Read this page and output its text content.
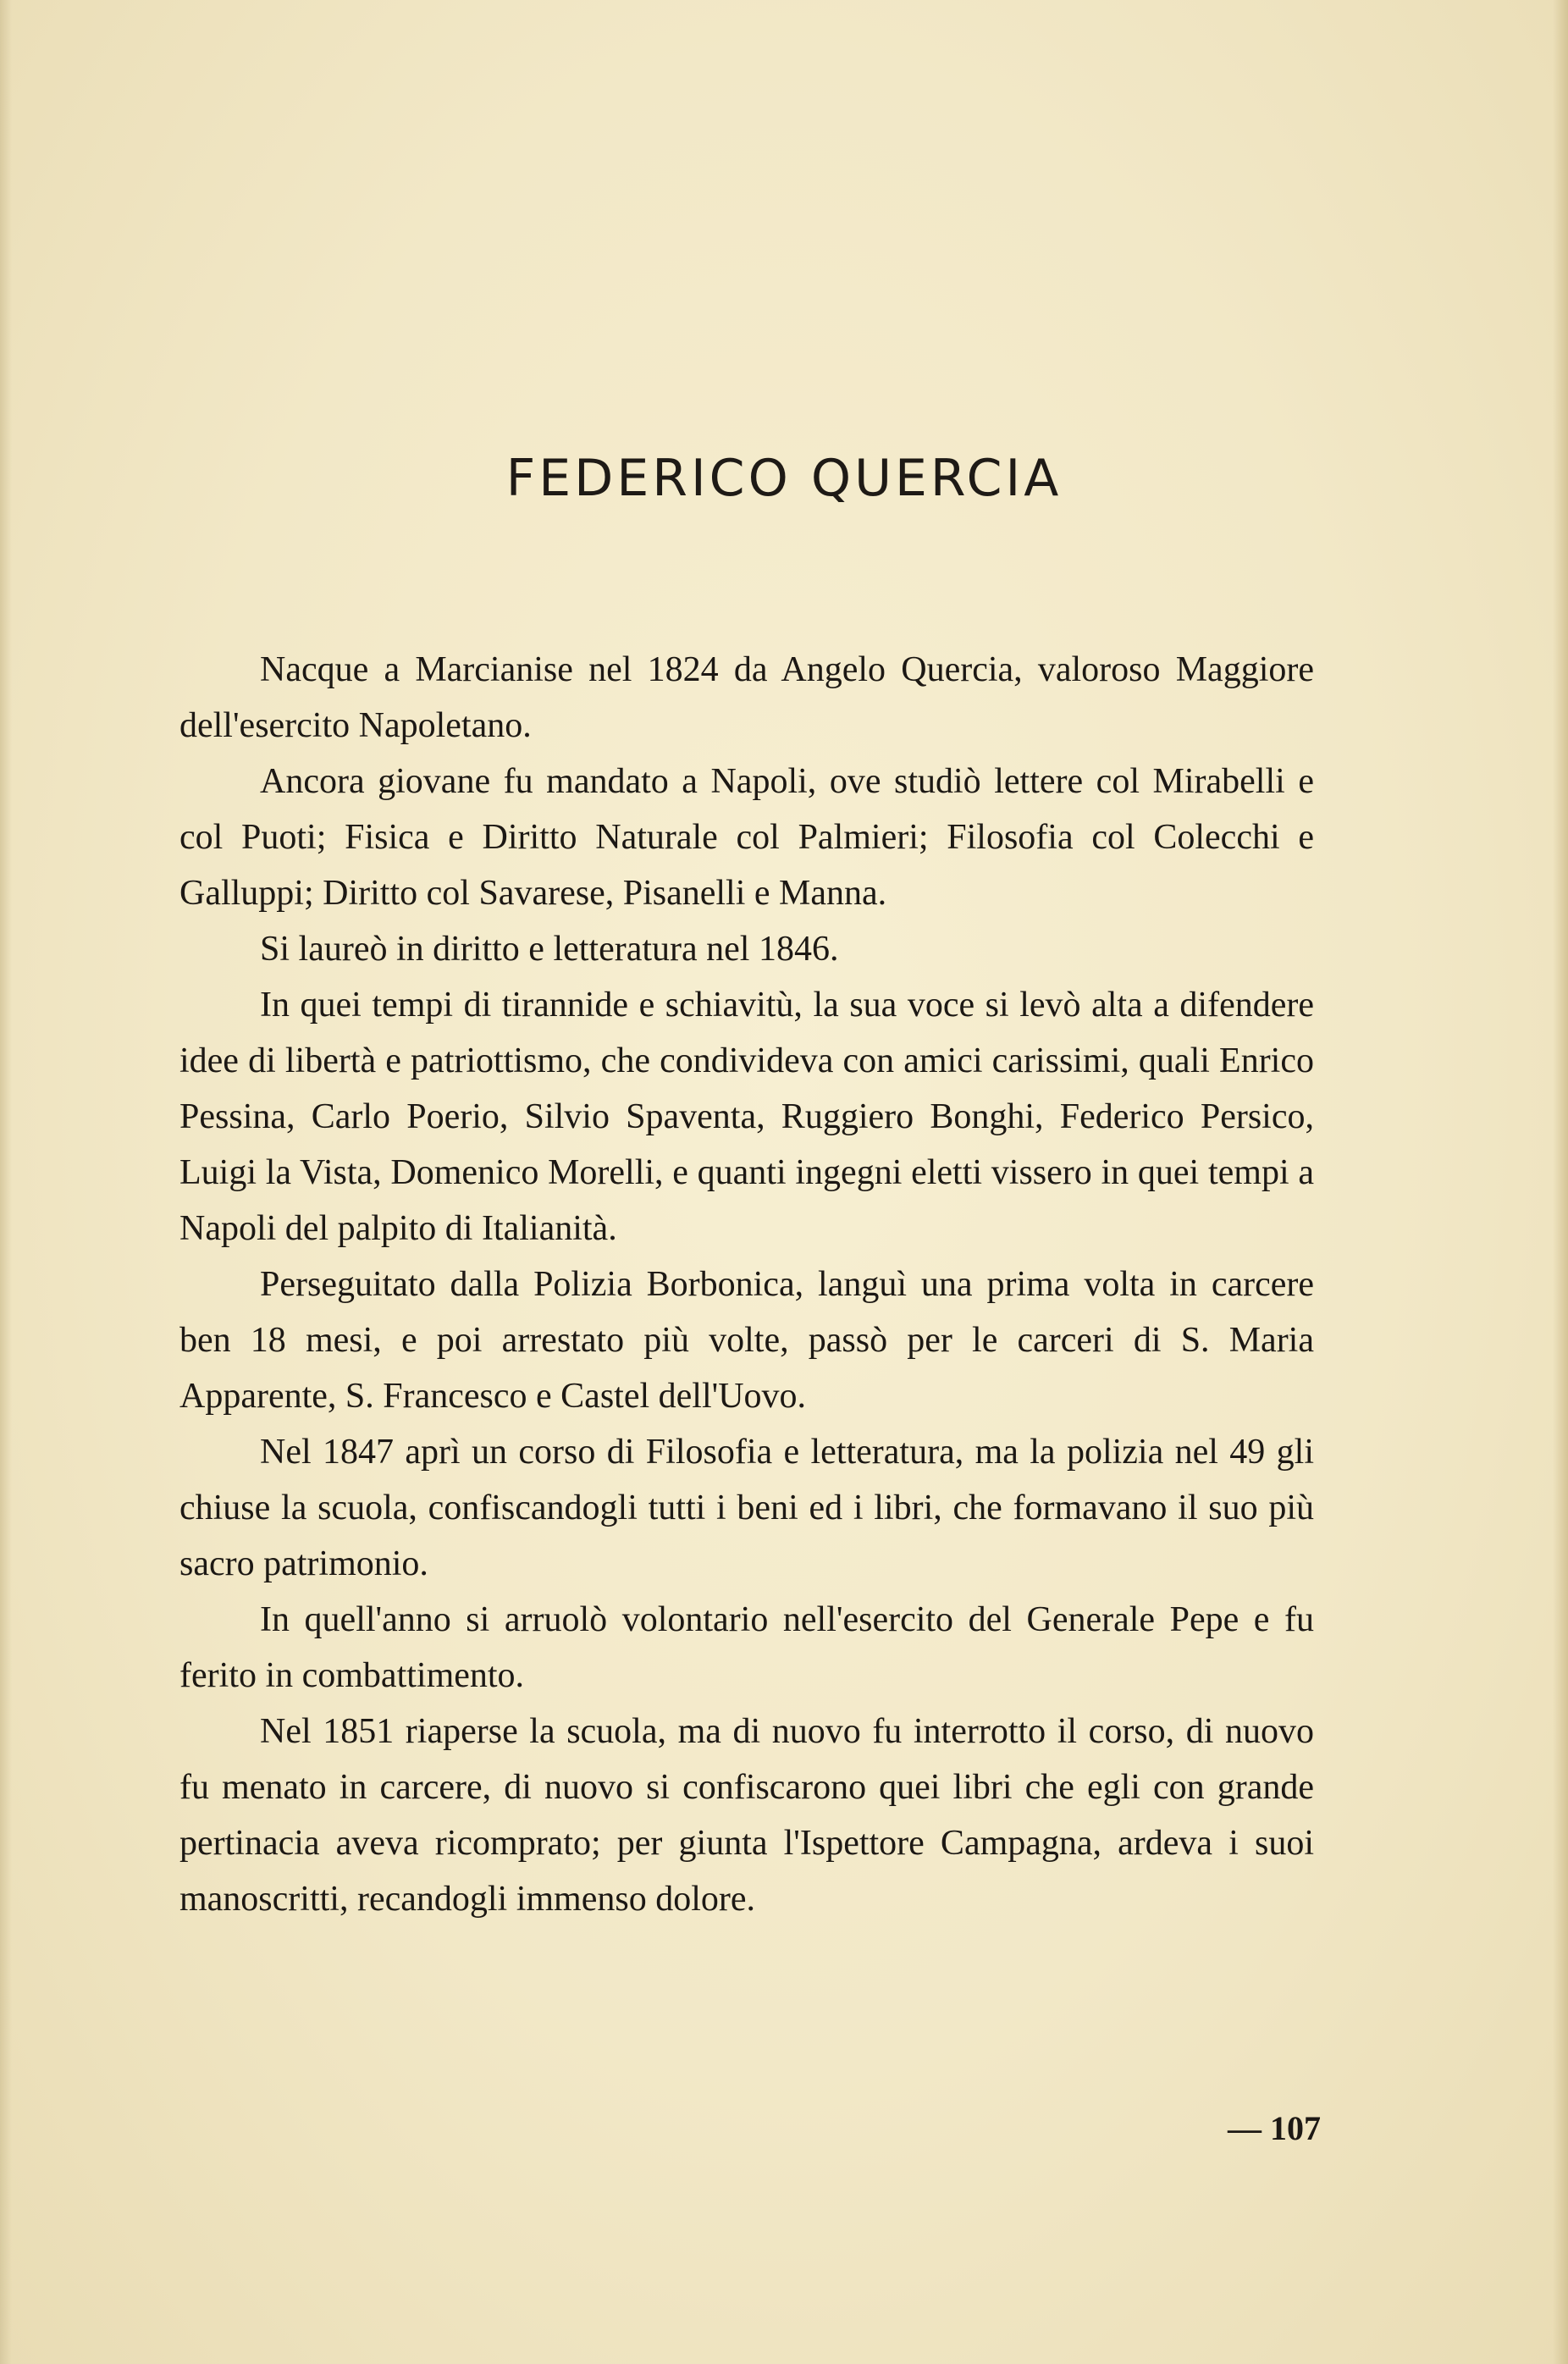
FEDERICO QUERCIA

Nacque a Marcianise nel 1824 da Angelo Quercia, valoroso Maggiore dell'esercito Napoletano.

Ancora giovane fu mandato a Napoli, ove studiò lettere col Mirabelli e col Puoti; Fisica e Diritto Naturale col Palmieri; Filosofia col Colecchi e Galluppi; Diritto col Savarese, Pisanelli e Manna.

Si laureò in diritto e letteratura nel 1846.

In quei tempi di tirannide e schiavitù, la sua voce si levò alta a difendere idee di libertà e patriottismo, che condivideva con amici carissimi, quali Enrico Pessina, Carlo Poerio, Silvio Spaventa, Ruggiero Bonghi, Federico Persico, Luigi la Vista, Domenico Morelli, e quanti ingegni eletti vissero in quei tempi a Napoli del palpito di Italianità.

Perseguitato dalla Polizia Borbonica, languì una prima volta in carcere ben 18 mesi, e poi arrestato più volte, passò per le carceri di S. Maria Apparente, S. Francesco e Castel dell'Uovo.

Nel 1847 aprì un corso di Filosofia e letteratura, ma la polizia nel 49 gli chiuse la scuola, confiscandogli tutti i beni ed i libri, che formavano il suo più sacro patrimonio.

In quell'anno si arruolò volontario nell'esercito del Generale Pepe e fu ferito in combattimento.

Nel 1851 riaperse la scuola, ma di nuovo fu interrotto il corso, di nuovo fu menato in carcere, di nuovo si confiscarono quei libri che egli con grande pertinacia aveva ricomprato; per giunta l'Ispettore Campagna, ardeva i suoi manoscritti, recandogli immenso dolore.

— 107
